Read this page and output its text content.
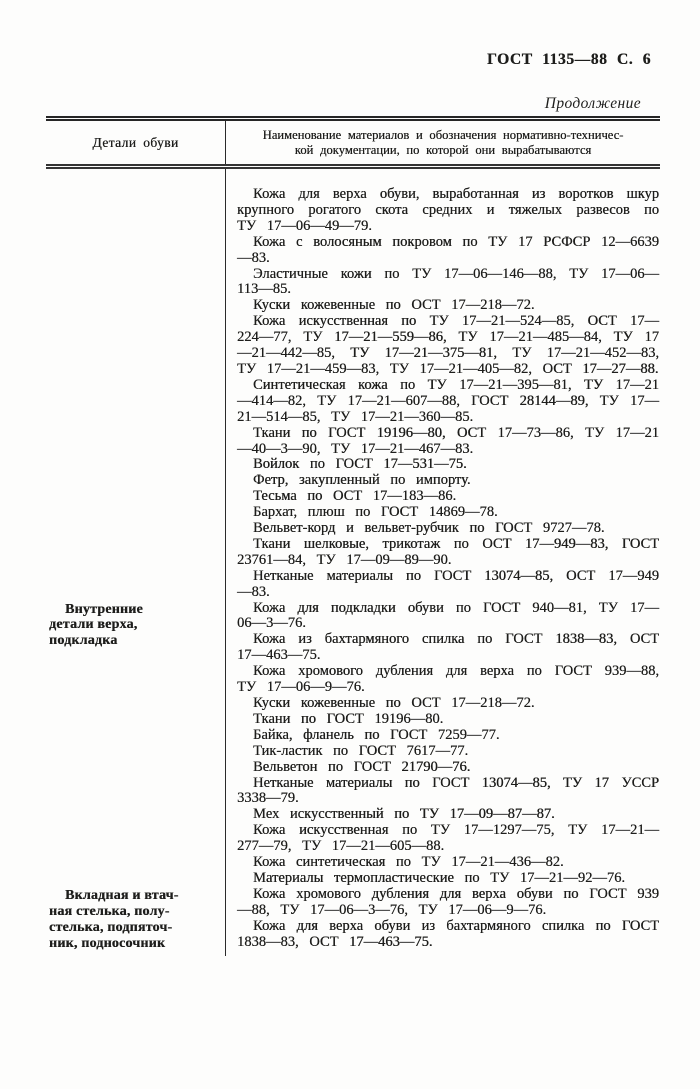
ГОСТ 1135—88 С. 6
Продолжение
Детали обуви	Наименование материалов и обозначения нормативно-техничес-
кой документации, по которой они вырабатываются
Кожа для верха обуви, выработанная из воротков шкур крупного рогатого скота средних и тяжелых развесов по ТУ 17—06—49—79.
Кожа с волосяным покровом по ТУ 17 РСФСР 12—6639—83.
Эластичные кожи по ТУ 17—06—146—88, ТУ 17—06—113—85.
Куски кожевенные по ОСТ 17—218—72.
Кожа искусственная по ТУ 17—21—524—85, ОСТ 17—224—77, ТУ 17—21—559—86, ТУ 17—21—485—84, ТУ 17—21—442—85, ТУ 17—21—375—81, ТУ 17—21—452—83, ТУ 17—21—459—83, ТУ 17—21—405—82, ОСТ 17—27—88.
Синтетическая кожа по ТУ 17—21—395—81, ТУ 17—21—414—82, ТУ 17—21—607—88, ГОСТ 28144—89, ТУ 17—21—514—85, ТУ 17—21—360—85.
Ткани по ГОСТ 19196—80, ОСТ 17—73—86, ТУ 17—21—40—3—90, ТУ 17—21—467—83.
Войлок по ГОСТ 17—531—75.
Фетр, закупленный по импорту.
Тесьма по ОСТ 17—183—86.
Бархат, плюш по ГОСТ 14869—78.
Вельвет-корд и вельвет-рубчик по ГОСТ 9727—78.
Ткани шелковые, трикотаж по ОСТ 17—949—83, ГОСТ 23761—84, ТУ 17—09—89—90.
Нетканые материалы по ГОСТ 13074—85, ОСТ 17—949—83.
Внутренние
детали верха,
подкладка
Кожа для подкладки обуви по ГОСТ 940—81, ТУ 17—06—3—76.
Кожа из бахтармяного спилка по ГОСТ 1838—83, ОСТ 17—463—75.
Кожа хромового дубления для верха по ГОСТ 939—88, ТУ 17—06—9—76.
Куски кожевенные по ОСТ 17—218—72.
Ткани по ГОСТ 19196—80.
Байка, фланель по ГОСТ 7259—77.
Тик-ластик по ГОСТ 7617—77.
Вельветон по ГОСТ 21790—76.
Нетканые материалы по ГОСТ 13074—85, ТУ 17 УССР 3338—79.
Мех искусственный по ТУ 17—09—87—87.
Кожа искусственная по ТУ 17—1297—75, ТУ 17—21—277—79, ТУ 17—21—605—88.
Кожа синтетическая по ТУ 17—21—436—82.
Материалы термопластические по ТУ 17—21—92—76.
Вкладная и втач-
ная стелька, полу-
стелька, подпяточ-
ник, подносочник
Кожа хромового дубления для верха обуви по ГОСТ 939—88, ТУ 17—06—3—76, ТУ 17—06—9—76.
Кожа для верха обуви из бахтармяного спилка по ГОСТ 1838—83, ОСТ 17—463—75.
